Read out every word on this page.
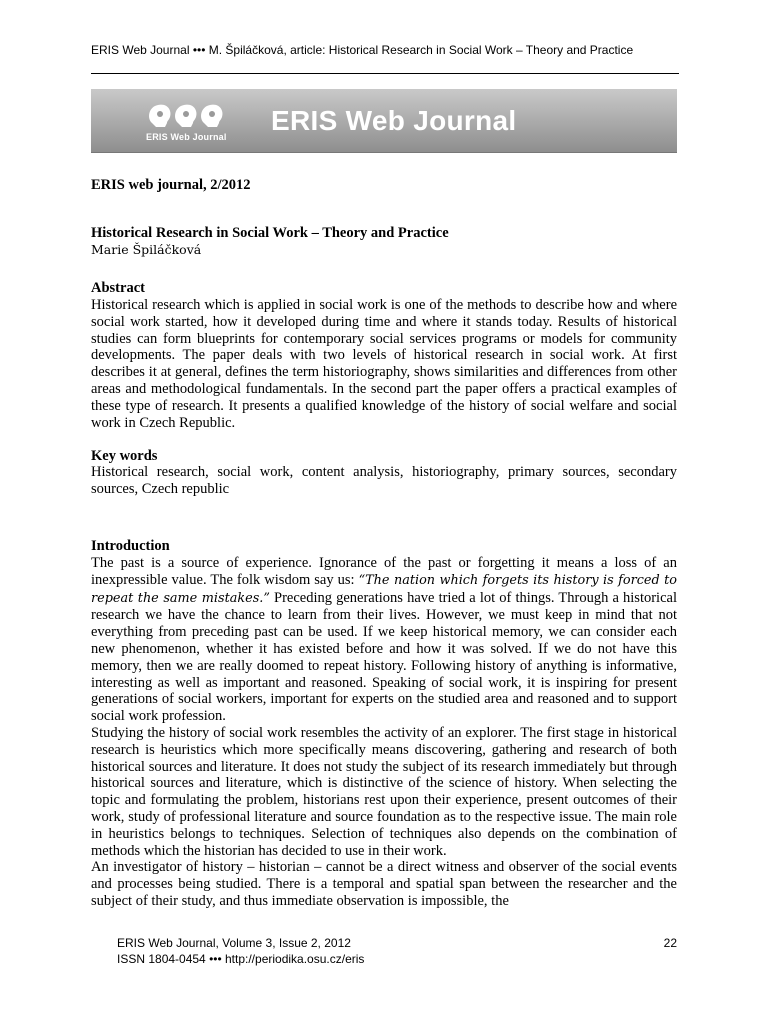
ERIS Web Journal ••• M. Špiláčková, article: Historical Research in Social Work – Theory and Practice
ERIS Web Journal
ERIS Web Journal
ERIS web journal, 2/2012
Historical Research in Social Work – Theory and Practice
Marie Špiláčková
Abstract
Historical research which is applied in social work is one of the methods to describe how and where social work started, how it developed during time and where it stands today. Results of historical studies can form blueprints for contemporary social services programs or models for community developments. The paper deals with two levels of historical research in social work. At first describes it at general, defines the term historiography, shows similarities and differences from other areas and methodological fundamentals. In the second part the paper offers a practical examples of these type of research. It presents a qualified knowledge of the history of social welfare and social work in Czech Republic.
Key words
Historical research, social work, content analysis, historiography, primary sources, secondary sources, Czech republic
Introduction
The past is a source of experience. Ignorance of the past or forgetting it means a loss of an inexpressible value. The folk wisdom say us: “The nation which forgets its history is forced to repeat the same mistakes.” Preceding generations have tried a lot of things. Through a historical research we have the chance to learn from their lives. However, we must keep in mind that not everything from preceding past can be used. If we keep historical memory, we can consider each new phenomenon, whether it has existed before and how it was solved. If we do not have this memory, then we are really doomed to repeat history. Following history of anything is informative, interesting as well as important and reasoned. Speaking of social work, it is inspiring for present generations of social workers, important for experts on the studied area and reasoned and to support social work profession.
Studying the history of social work resembles the activity of an explorer. The first stage in historical research is heuristics which more specifically means discovering, gathering and research of both historical sources and literature. It does not study the subject of its research immediately but through historical sources and literature, which is distinctive of the science of history. When selecting the topic and formulating the problem, historians rest upon their experience, present outcomes of their work, study of professional literature and source foundation as to the respective issue. The main role in heuristics belongs to techniques. Selection of techniques also depends on the combination of methods which the historian has decided to use in their work.
An investigator of history – historian – cannot be a direct witness and observer of the social events and processes being studied. There is a temporal and spatial span between the researcher and the subject of their study, and thus immediate observation is impossible, the
ERIS Web Journal, Volume 3, Issue 2, 2012
ISSN 1804-0454 ••• http://periodika.osu.cz/eris
22
